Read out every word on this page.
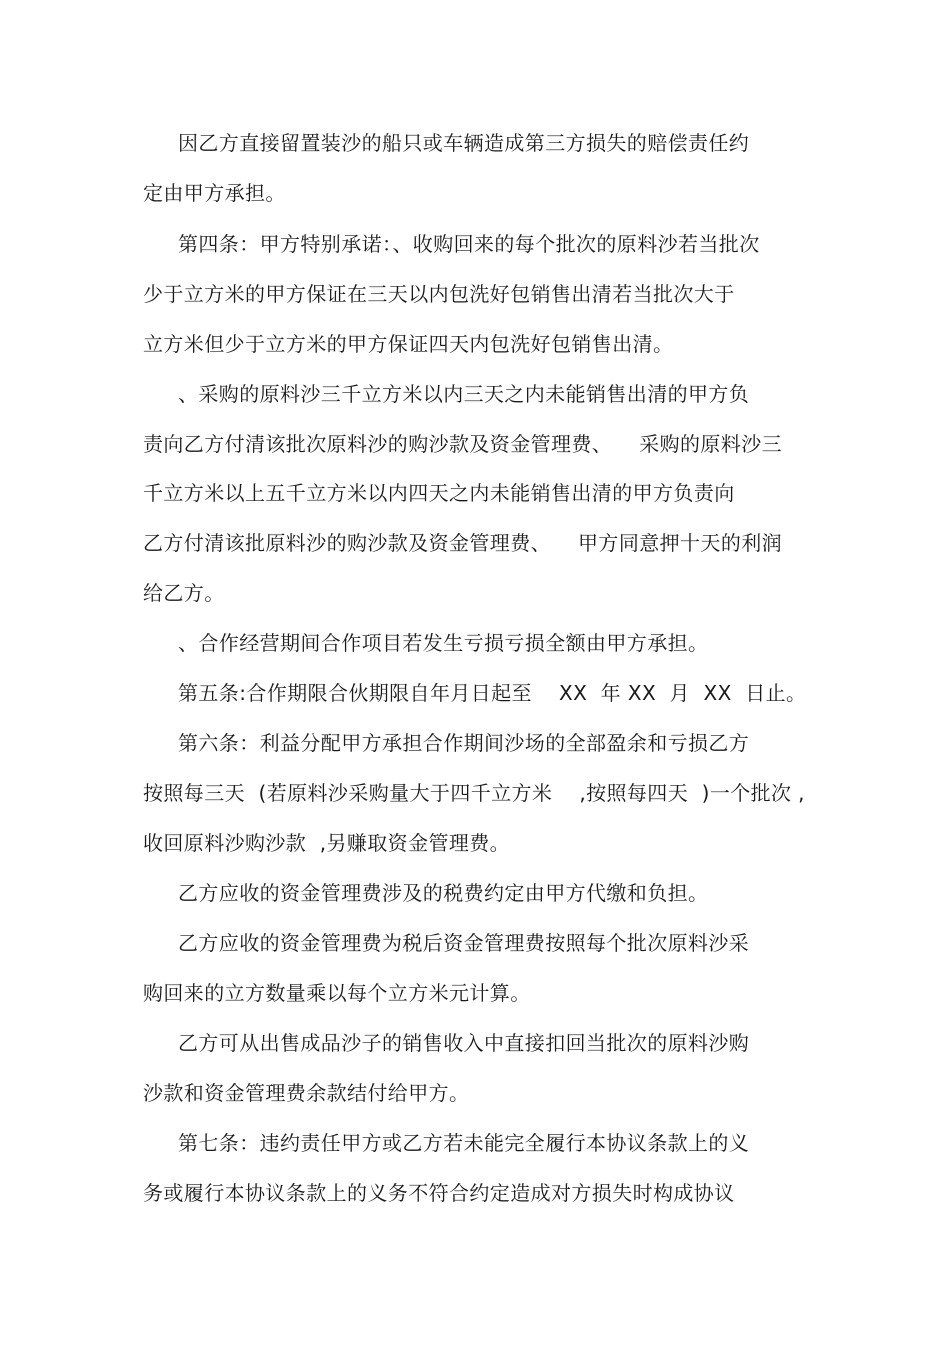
因乙方直接留置装沙的船只或车辆造成第三方损失的赔偿责任约
定由甲方承担。
第四条：甲方特别承诺：、收购回来的每个批次的原料沙若当批次
少于立方米的甲方保证在三天以内包洗好包销售出清若当批次大于
立方米但少于立方米的甲方保证四天内包洗好包销售出清。
、采购的原料沙三千立方米以内三天之内未能销售出清的甲方负
责向乙方付清该批次原料沙的购沙款及资金管理费、    采购的原料沙三
千立方米以上五千立方米以内四天之内未能销售出清的甲方负责向
乙方付清该批原料沙的购沙款及资金管理费、    甲方同意押十天的利润
给乙方。
、合作经营期间合作项目若发生亏损亏损全额由甲方承担。
第五条:合作期限合伙期限自年月日起至    XX  年 XX  月  XX  日止。
第六条：利益分配甲方承担合作期间沙场的全部盈余和亏损乙方
按照每三天  (若原料沙采购量大于四千立方米    ,按照每四天  )一个批次 ,
收回原料沙购沙款  ,另赚取资金管理费。
乙方应收的资金管理费涉及的税费约定由甲方代缴和负担。
乙方应收的资金管理费为税后资金管理费按照每个批次原料沙采
购回来的立方数量乘以每个立方米元计算。
乙方可从出售成品沙子的销售收入中直接扣回当批次的原料沙购
沙款和资金管理费余款结付给甲方。
第七条：违约责任甲方或乙方若未能完全履行本协议条款上的义
务或履行本协议条款上的义务不符合约定造成对方损失时构成协议
